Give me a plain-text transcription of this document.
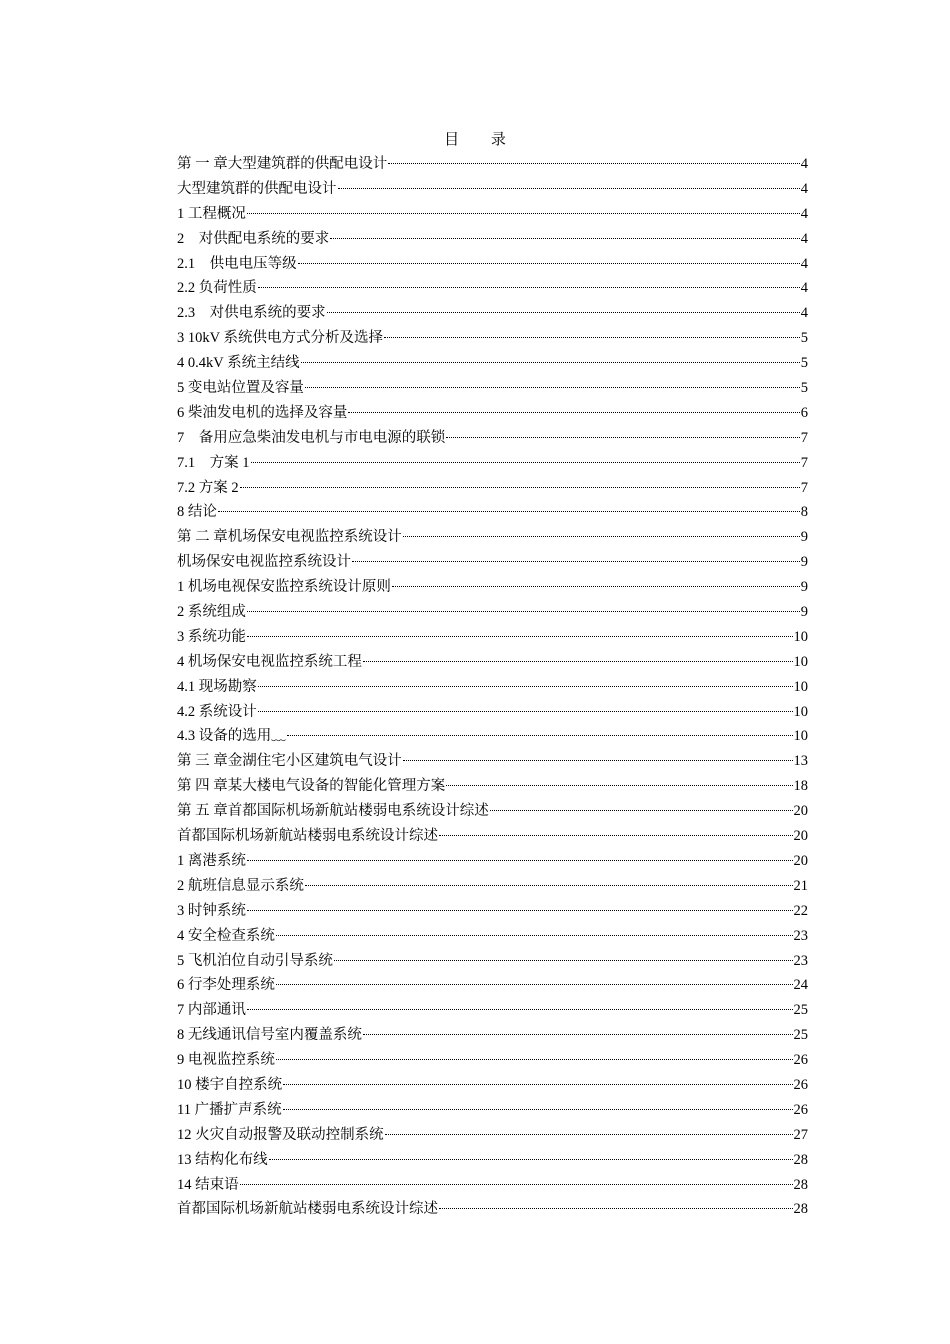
目 录
第 一 章大型建筑群的供配电设计	4
大型建筑群的供配电设计	4
1 工程概况	4
2　对供配电系统的要求	4
2.1　供电电压等级	4
2.2 负荷性质	4
2.3　对供电系统的要求	4
3 10kV 系统供电方式分析及选择	5
4 0.4kV 系统主结线	5
5 变电站位置及容量	5
6 柴油发电机的选择及容量	6
7　备用应急柴油发电机与市电电源的联锁	7
7.1　方案 1	7
7.2 方案 2	7
8 结论	8
第 二 章机场保安电视监控系统设计	9
机场保安电视监控系统设计	9
1 机场电视保安监控系统设计原则	9
2 系统组成	9
3 系统功能	10
4 机场保安电视监控系统工程	10
4.1 现场勘察	10
4.2 系统设计	10
4.3 设备的选用﹏	10
第 三 章金湖住宅小区建筑电气设计	13
第 四 章某大楼电气设备的智能化管理方案	18
第 五 章首都国际机场新航站楼弱电系统设计综述	20
首都国际机场新航站楼弱电系统设计综述	20
1 离港系统	20
2 航班信息显示系统	21
3 时钟系统	22
4 安全检查系统	23
5 飞机泊位自动引导系统	23
6 行李处理系统	24
7 内部通讯	25
8 无线通讯信号室内覆盖系统	25
9 电视监控系统	26
10 楼宇自控系统	26
11 广播扩声系统	26
12 火灾自动报警及联动控制系统	27
13 结构化布线	28
14 结束语	28
首都国际机场新航站楼弱电系统设计综述	28
